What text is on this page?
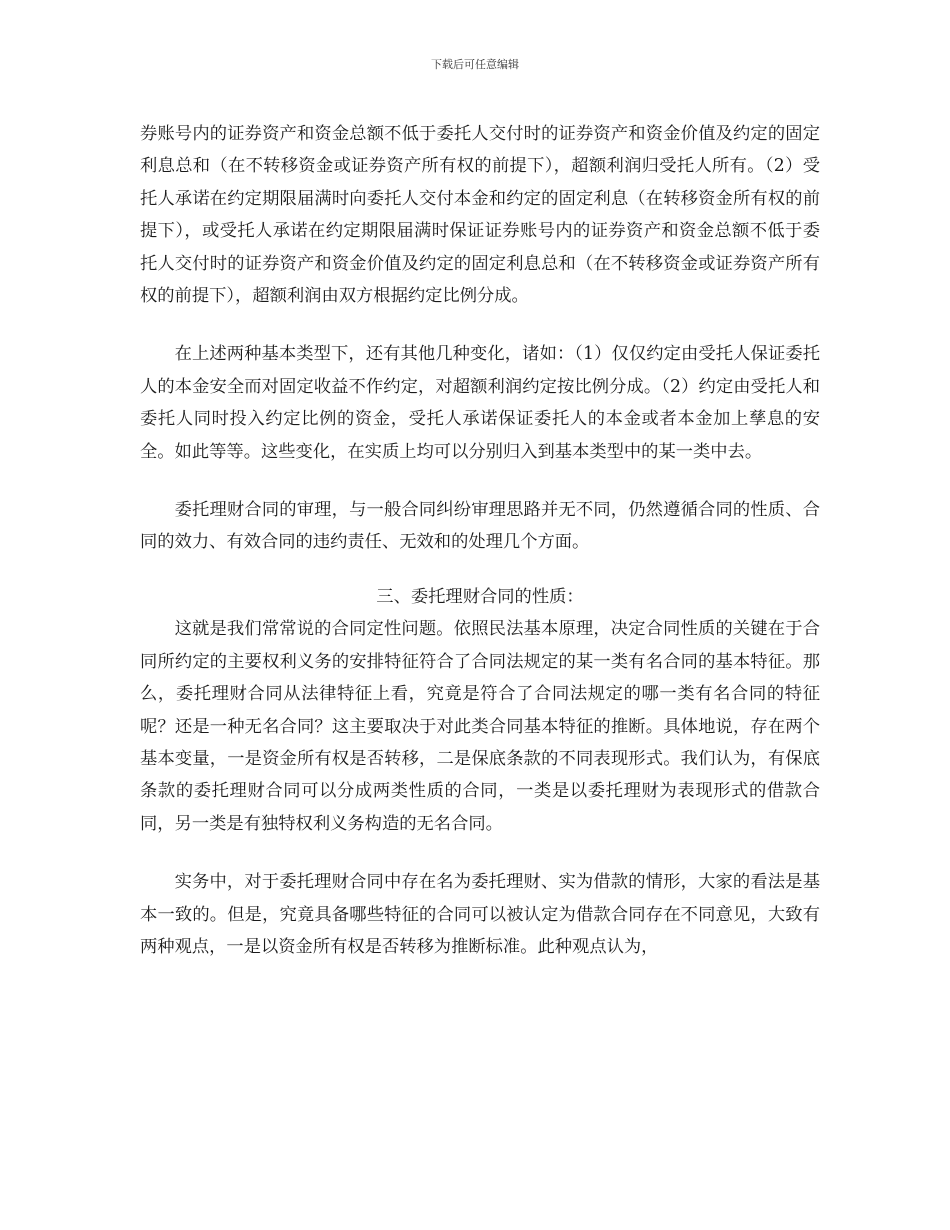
下载后可任意编辑

券账号内的证券资产和资金总额不低于委托人交付时的证券资产和资金价值及约定的固定利息总和（在不转移资金或证券资产所有权的前提下），超额利润归受托人所有。（2）受托人承诺在约定期限届满时向委托人交付本金和约定的固定利息（在转移资金所有权的前提下），或受托人承诺在约定期限届满时保证证券账号内的证券资产和资金总额不低于委托人交付时的证券资产和资金价值及约定的固定利息总和（在不转移资金或证券资产所有权的前提下），超额利润由双方根据约定比例分成。

在上述两种基本类型下，还有其他几种变化，诸如：（1）仅仅约定由受托人保证委托人的本金安全而对固定收益不作约定，对超额利润约定按比例分成。（2）约定由受托人和委托人同时投入约定比例的资金，受托人承诺保证委托人的本金或者本金加上孳息的安全。如此等等。这些变化，在实质上均可以分别归入到基本类型中的某一类中去。

委托理财合同的审理，与一般合同纠纷审理思路并无不同，仍然遵循合同的性质、合同的效力、有效合同的违约责任、无效和的处理几个方面。

三、委托理财合同的性质：

这就是我们常常说的合同定性问题。依照民法基本原理，决定合同性质的关键在于合同所约定的主要权利义务的安排特征符合了合同法规定的某一类有名合同的基本特征。那么，委托理财合同从法律特征上看，究竟是符合了合同法规定的哪一类有名合同的特征呢？还是一种无名合同？这主要取决于对此类合同基本特征的推断。具体地说，存在两个基本变量，一是资金所有权是否转移，二是保底条款的不同表现形式。我们认为，有保底条款的委托理财合同可以分成两类性质的合同，一类是以委托理财为表现形式的借款合同，另一类是有独特权利义务构造的无名合同。

实务中，对于委托理财合同中存在名为委托理财、实为借款的情形，大家的看法是基本一致的。但是，究竟具备哪些特征的合同可以被认定为借款合同存在不同意见，大致有两种观点，一是以资金所有权是否转移为推断标准。此种观点认为，
